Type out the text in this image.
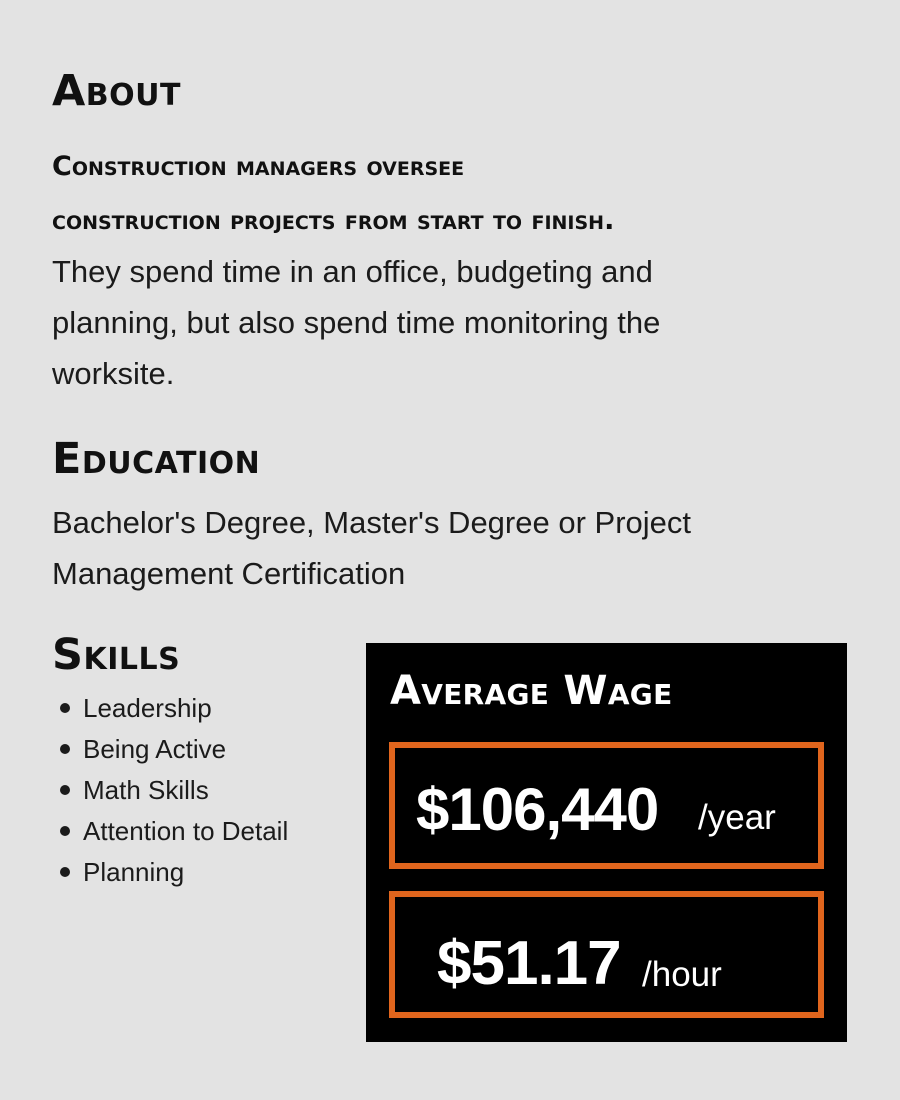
About
Construction managers oversee
construction projects from start to finish.
They spend time in an office, budgeting and
planning, but also spend time monitoring the
worksite.
Education
Bachelor's Degree, Master's Degree or Project
Management Certification
Skills
Leadership
Being Active
Math Skills
Attention to Detail
Planning
Average Wage
$106,440 /year
$51.17 /hour
